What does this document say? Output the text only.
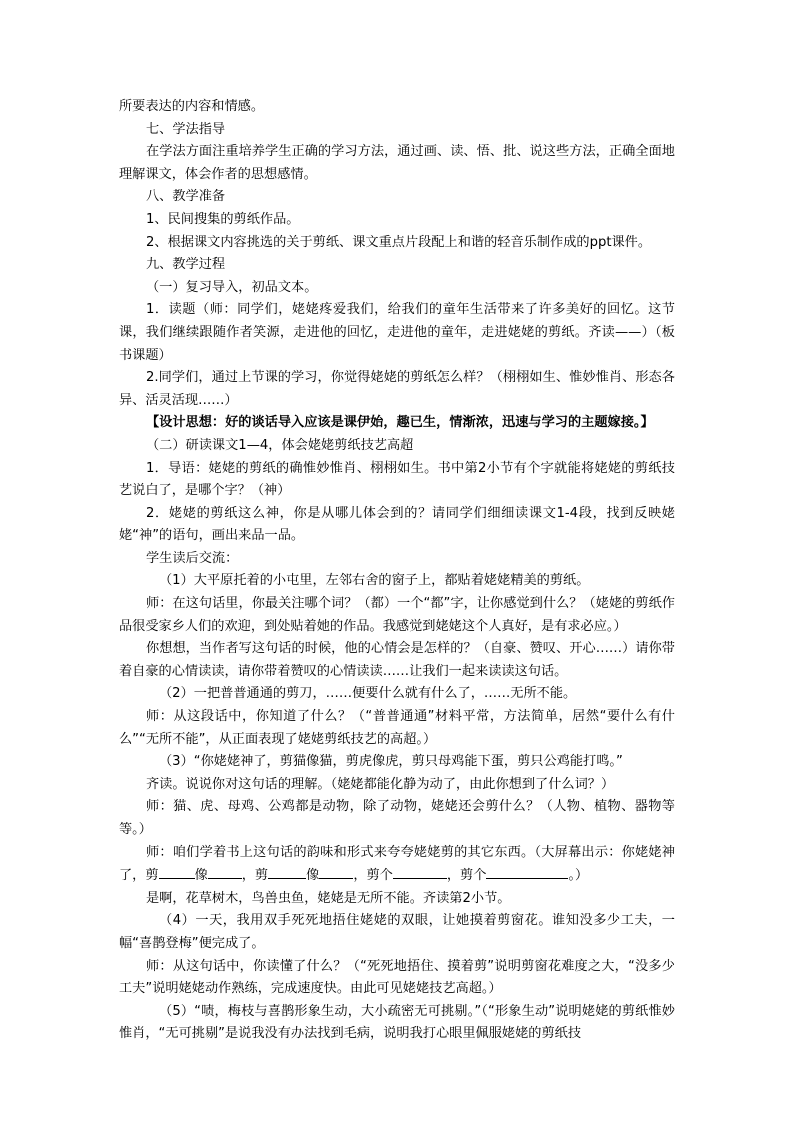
所要表达的内容和情感。

七、学法指导

在学法方面注重培养学生正确的学习方法，通过画、读、悟、批、说这些方法，正确全面地理解课文，体会作者的思想感情。

八、教学准备

1、民间搜集的剪纸作品。

2、根据课文内容挑选的关于剪纸、课文重点片段配上和谐的轻音乐制作成的ppt课件。

九、教学过程

（一）复习导入，初品文本。

1．读题（师：同学们，姥姥疼爱我们，给我们的童年生活带来了许多美好的回忆。这节课，我们继续跟随作者笑源，走进他的回忆，走进他的童年，走进姥姥的剪纸。齐读——）（板书课题）

2.同学们，通过上节课的学习，你觉得姥姥的剪纸怎么样？（栩栩如生、惟妙惟肖、形态各异、活灵活现……）

【设计思想：好的谈话导入应该是课伊始，趣已生，情渐浓，迅速与学习的主题嫁接。】

（二）研读课文1—4，体会姥姥剪纸技艺高超

1．导语：姥姥的剪纸的确惟妙惟肖、栩栩如生。书中第2小节有个字就能将姥姥的剪纸技艺说白了，是哪个字？（神）

2．姥姥的剪纸这么神，你是从哪儿体会到的？请同学们细细读课文1-4段，找到反映姥姥“神”的语句，画出来品一品。

学生读后交流：

（1）大平原托着的小屯里，左邻右舍的窗子上，都贴着姥姥精美的剪纸。

师：在这句话里，你最关注哪个词？（都）一个“都”字，让你感觉到什么？（姥姥的剪纸作品很受家乡人们的欢迎，到处贴着她的作品。我感觉到姥姥这个人真好，是有求必应。）

你想想，当作者写这句话的时候，他的心情会是怎样的？（自豪、赞叹、开心……）请你带着自豪的心情读读，请你带着赞叹的心情读读……让我们一起来读读这句话。

（2）一把普普通通的剪刀，……便要什么就有什么了，……无所不能。

师：从这段话中，你知道了什么？（“普普通通”材料平常，方法简单，居然“要什么有什么”“无所不能”，从正面表现了姥姥剪纸技艺的高超。）

（3）“你姥姥神了，剪猫像猫，剪虎像虎，剪只母鸡能下蛋，剪只公鸡能打鸣。”

齐读。说说你对这句话的理解。（姥姥都能化静为动了，由此你想到了什么词？）

师：猫、虎、母鸡、公鸡都是动物，除了动物，姥姥还会剪什么？（人物、植物、器物等等。）

师：咱们学着书上这句话的韵味和形式来夸夸姥姥剪的其它东西。（大屏幕出示：你姥姥神了，剪	像	，剪	像	，剪个	，剪个	。）

是啊，花草树木，鸟兽虫鱼，姥姥是无所不能。齐读第2小节。

（4）一天，我用双手死死地捂住姥姥的双眼，让她摸着剪窗花。谁知没多少工夫，一幅“喜鹊登梅”便完成了。

师：从这句话中，你读懂了什么？（“死死地捂住、摸着剪”说明剪窗花难度之大，“没多少工夫”说明姥姥动作熟练，完成速度快。由此可见姥姥技艺高超。）

（5）“啧，梅枝与喜鹊形象生动，大小疏密无可挑剔。”（“形象生动”说明姥姥的剪纸惟妙惟肖，“无可挑剔”是说我没有办法找到毛病，说明我打心眼里佩服姥姥的剪纸技
